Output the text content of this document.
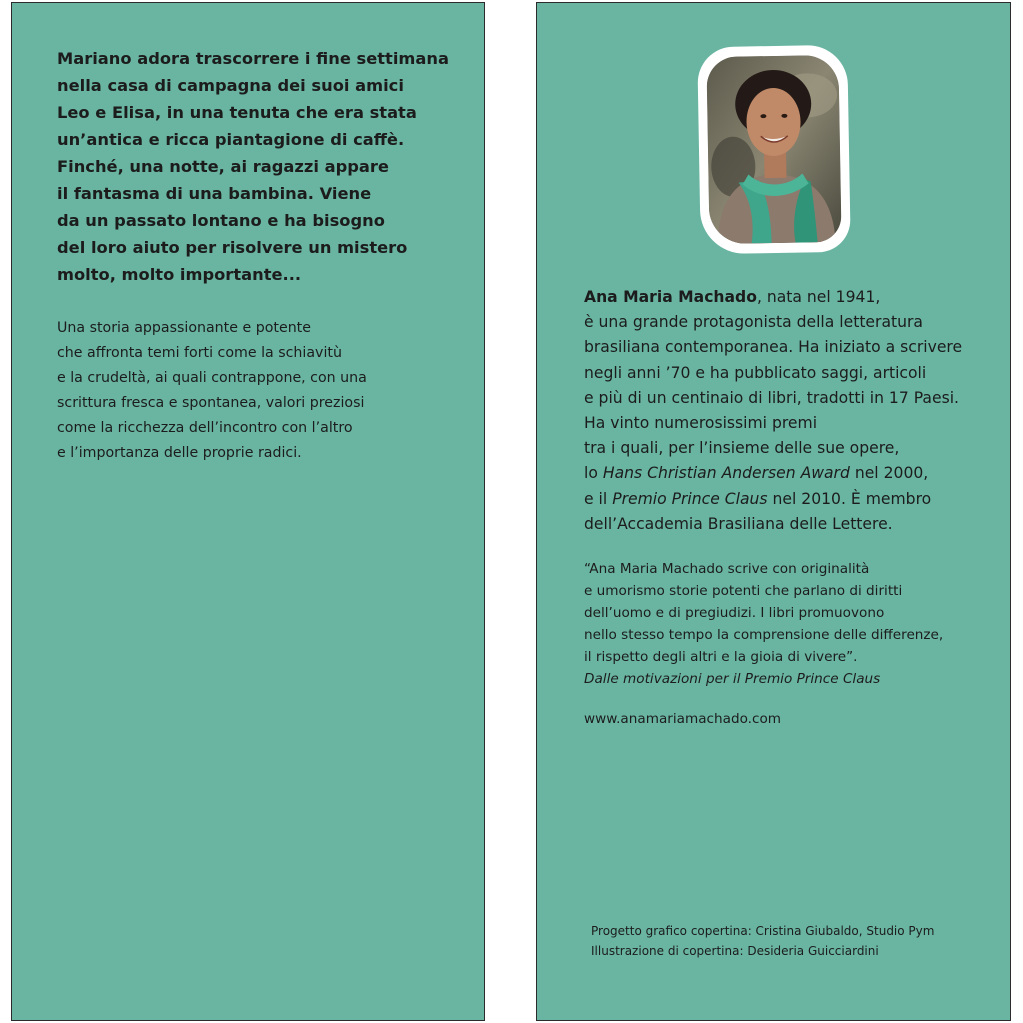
Mariano adora trascorrere i fine settimana
nella casa di campagna dei suoi amici
Leo e Elisa, in una tenuta che era stata
un’antica e ricca piantagione di caffè.
Finché, una notte, ai ragazzi appare
il fantasma di una bambina. Viene
da un passato lontano e ha bisogno
del loro aiuto per risolvere un mistero
molto, molto importante...

Una storia appassionante e potente
che affronta temi forti come la schiavitù
e la crudeltà, ai quali contrappone, con una
scrittura fresca e spontanea, valori preziosi
come la ricchezza dell’incontro con l’altro
e l’importanza delle proprie radici.

Ana Maria Machado, nata nel 1941,
è una grande protagonista della letteratura
brasiliana contemporanea. Ha iniziato a scrivere
negli anni ’70 e ha pubblicato saggi, articoli
e più di un centinaio di libri, tradotti in 17 Paesi.
Ha vinto numerosissimi premi
tra i quali, per l’insieme delle sue opere,
lo Hans Christian Andersen Award nel 2000,
e il Premio Prince Claus nel 2010. È membro
dell’Accademia Brasiliana delle Lettere.

“Ana Maria Machado scrive con originalità
e umorismo storie potenti che parlano di diritti
dell’uomo e di pregiudizi. I libri promuovono
nello stesso tempo la comprensione delle differenze,
il rispetto degli altri e la gioia di vivere”.
Dalle motivazioni per il Premio Prince Claus

www.anamariamachado.com

Progetto grafico copertina: Cristina Giubaldo, Studio Pym
Illustrazione di copertina: Desideria Guicciardini
